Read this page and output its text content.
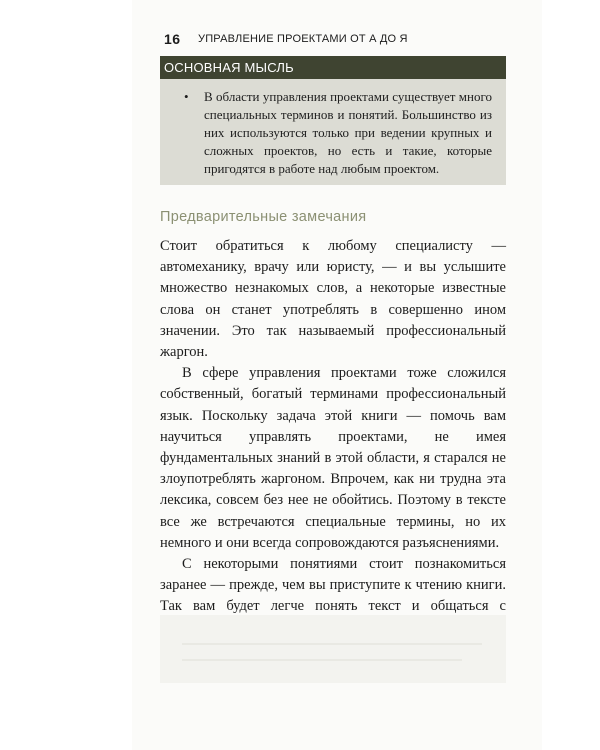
16 УПРАВЛЕНИЕ ПРОЕКТАМИ ОТ А ДО Я
ОСНОВНАЯ МЫСЛЬ
• В области управления проектами существует много специальных терминов и понятий. Большинство из них используются только при ведении крупных и сложных проектов, но есть и такие, которые пригодятся в работе над любым проектом.
Предварительные замечания

Стоит обратиться к любому специалисту — автомеханику, врачу или юристу, — и вы услышите множество незнакомых слов, а некоторые известные слова он станет употреблять в совершенно ином значении. Это так называемый профессиональный жаргон.

В сфере управления проектами тоже сложился собственный, богатый терминами профессиональный язык. Поскольку задача этой книги — помочь вам научиться управлять проектами, не имея фундаментальных знаний в этой области, я старался не злоупотреблять жаргоном. Впрочем, как ни трудна эта лексика, совсем без нее не обойтись. Поэтому в тексте все же встречаются специальные термины, но их немного и они всегда сопровождаются разъяснениями.

С некоторыми понятиями стоит познакомиться заранее — прежде, чем вы приступите к чтению книги. Так вам будет легче понять текст и общаться с
